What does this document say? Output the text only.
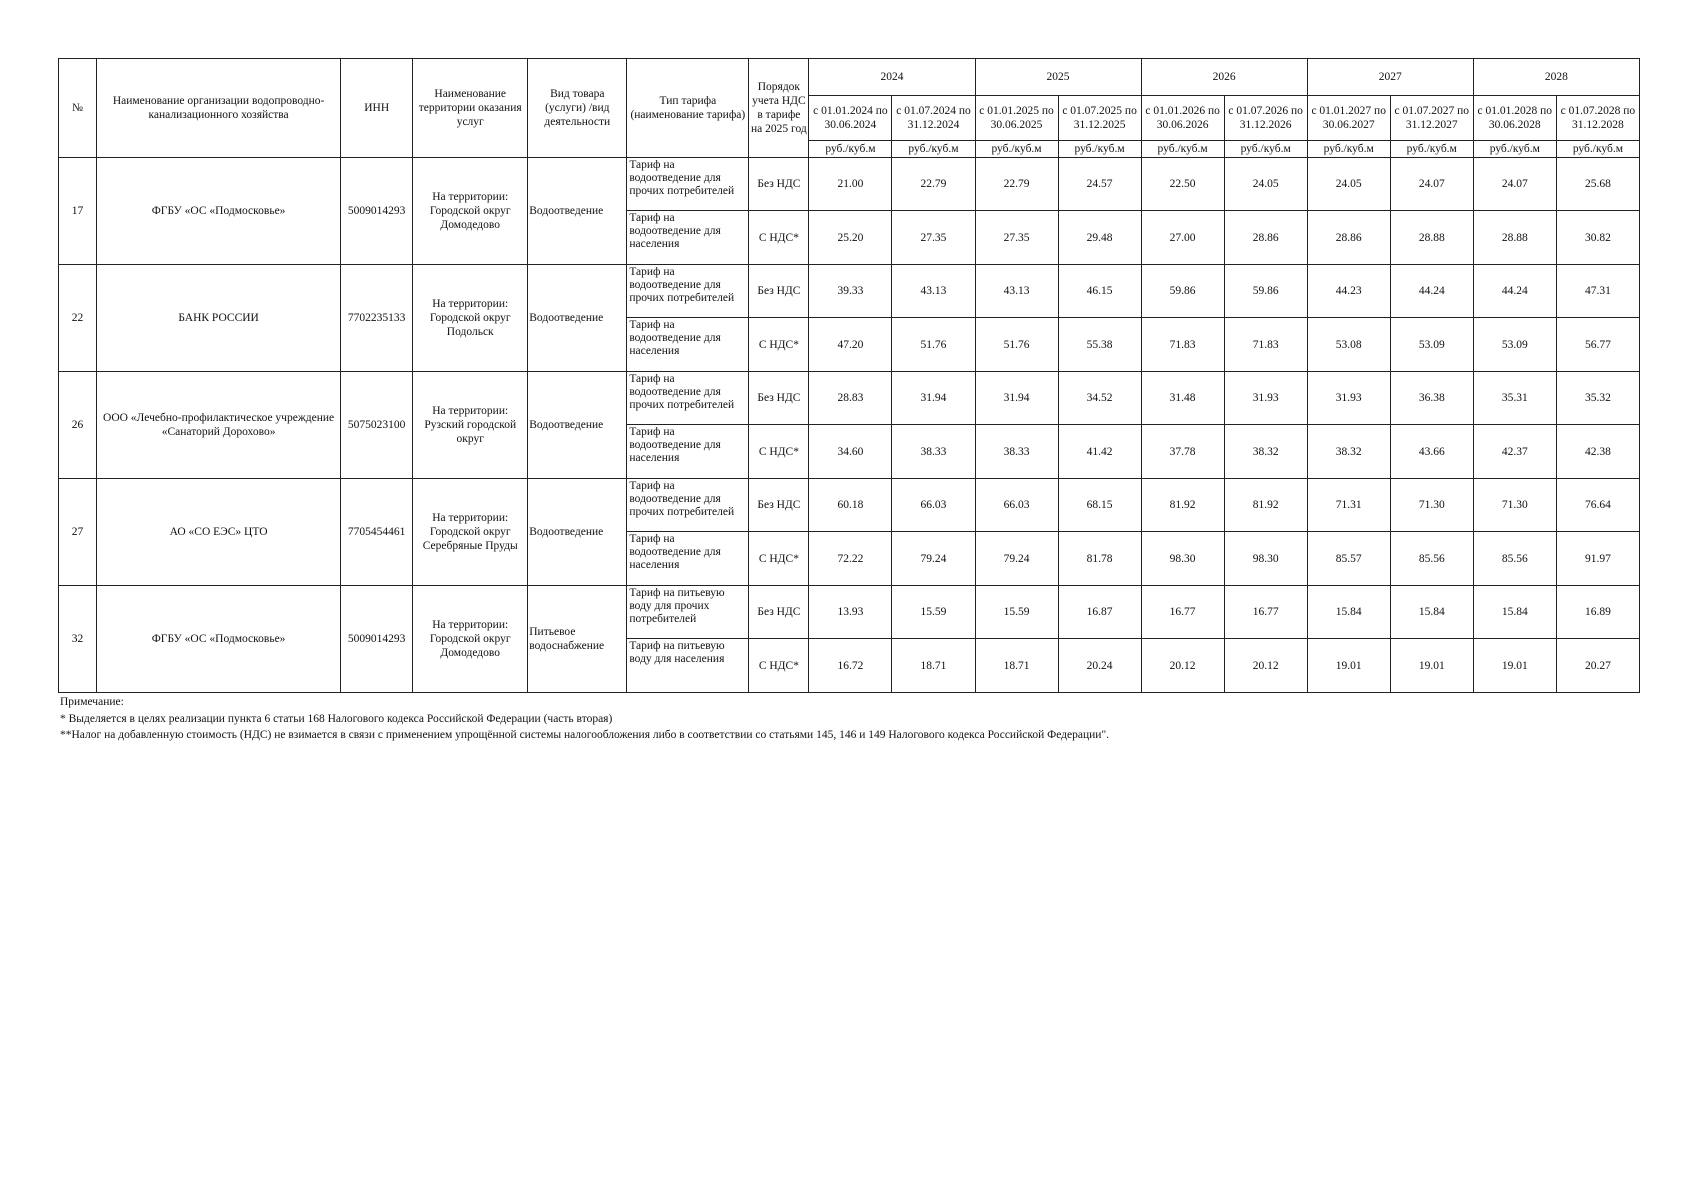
№	Наименование организации водопроводно-канализационного хозяйства	ИНН	Наименование территории оказания услуг	Вид товара (услуги) /вид деятельности	Тип тарифа (наименование тарифа)	Порядок учета НДС в тарифе на 2025 год	2024		2025		2026		2027		2028	
							с 01.01.2024 по 30.06.2024	с 01.07.2024 по 31.12.2024	с 01.01.2025 по 30.06.2025	с 01.07.2025 по 31.12.2025	с 01.01.2026 по 30.06.2026	с 01.07.2026 по 31.12.2026	с 01.01.2027 по 30.06.2027	с 01.07.2027 по 31.12.2027	с 01.01.2028 по 30.06.2028	с 01.07.2028 по 31.12.2028
							руб./куб.м	руб./куб.м	руб./куб.м	руб./куб.м	руб./куб.м	руб./куб.м	руб./куб.м	руб./куб.м	руб./куб.м	руб./куб.м
17	ФГБУ «ОС «Подмосковье»	5009014293	На территории: Городской округ Домодедово	Водоотведение	Тариф на водоотведение для прочих потребителей	Без НДС	21.00	22.79	22.79	24.57	22.50	24.05	24.05	24.07	24.07	25.68
					Тариф на водоотведение для населения	С НДС*	25.20	27.35	27.35	29.48	27.00	28.86	28.86	28.88	28.88	30.82
22	БАНК РОССИИ	7702235133	На территории: Городской округ Подольск	Водоотведение	Тариф на водоотведение для прочих потребителей	Без НДС	39.33	43.13	43.13	46.15	59.86	59.86	44.23	44.24	44.24	47.31
					Тариф на водоотведение для населения	С НДС*	47.20	51.76	51.76	55.38	71.83	71.83	53.08	53.09	53.09	56.77
26	ООО «Лечебно-профилактическое учреждение «Санаторий Дорохово»	5075023100	На территории: Рузский городской округ	Водоотведение	Тариф на водоотведение для прочих потребителей	Без НДС	28.83	31.94	31.94	34.52	31.48	31.93	31.93	36.38	35.31	35.32
					Тариф на водоотведение для населения	С НДС*	34.60	38.33	38.33	41.42	37.78	38.32	38.32	43.66	42.37	42.38
27	АО «СО ЕЭС» ЦТО	7705454461	На территории: Городской округ Серебряные Пруды	Водоотведение	Тариф на водоотведение для прочих потребителей	Без НДС	60.18	66.03	66.03	68.15	81.92	81.92	71.31	71.30	71.30	76.64
					Тариф на водоотведение для населения	С НДС*	72.22	79.24	79.24	81.78	98.30	98.30	85.57	85.56	85.56	91.97
32	ФГБУ «ОС «Подмосковье»	5009014293	На территории: Городской округ Домодедово	Питьевое водоснабжение	Тариф на питьевую воду для прочих потребителей	Без НДС	13.93	15.59	15.59	16.87	16.77	16.77	15.84	15.84	15.84	16.89
					Тариф на питьевую воду для населения	С НДС*	16.72	18.71	18.71	20.24	20.12	20.12	19.01	19.01	19.01	20.27
Примечание:
* Выделяется в целях реализации пункта 6 статьи 168 Налогового кодекса Российской Федерации (часть вторая)
**Налог на добавленную стоимость (НДС) не взимается в связи с применением упрощённой системы налогообложения либо в соответствии со статьями 145, 146 и 149 Налогового кодекса Российской Федерации".
